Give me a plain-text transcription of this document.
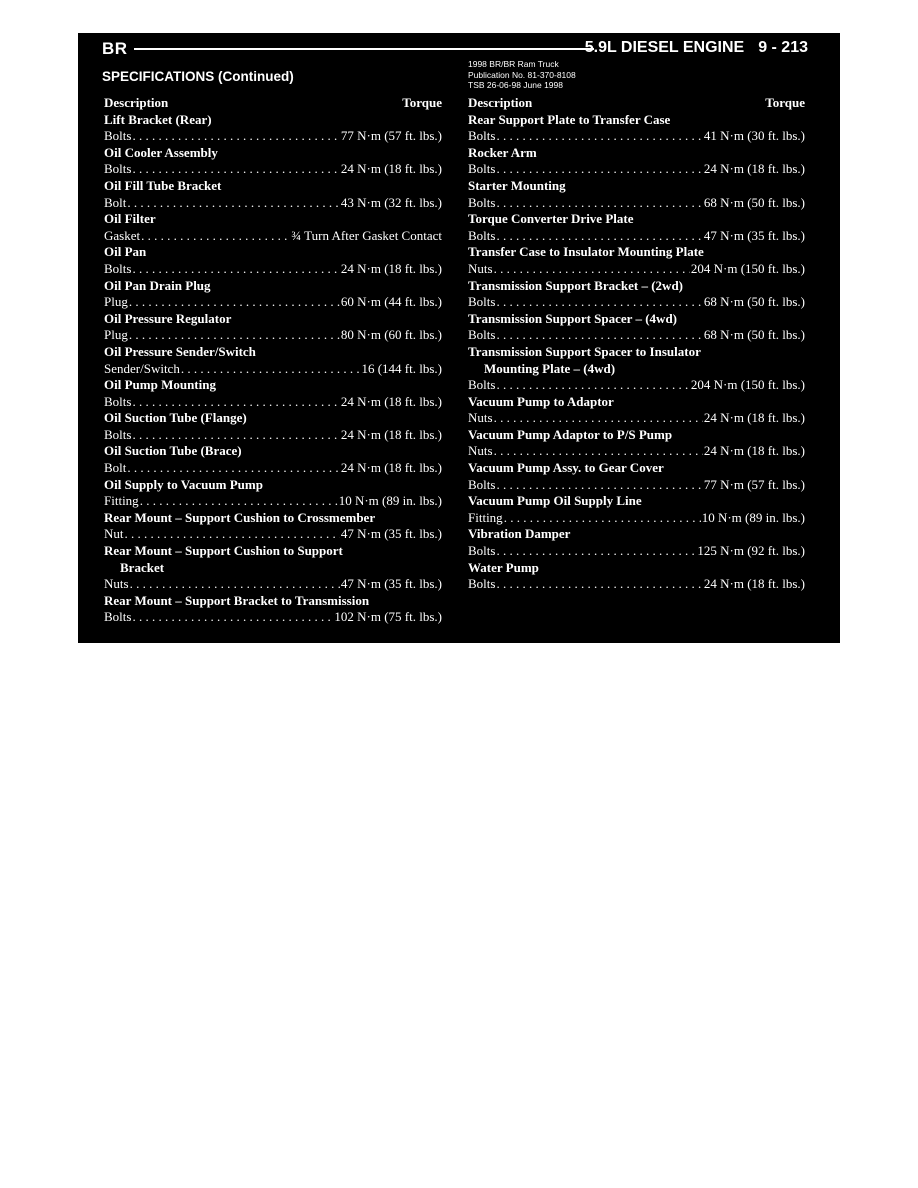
BR	5.9L DIESEL ENGINE 9 - 213
1998 BR/BR Ram Truck
Publication No. 81-370-8108
TSB 26-06-98 June 1998
SPECIFICATIONS (Continued)
Description	Torque
Lift Bracket (Rear)
Bolts . . .	77 N·m (57 ft. lbs.)
Oil Cooler Assembly
Bolts . . .	24 N·m (18 ft. lbs.)
Oil Fill Tube Bracket
Bolt . . .	43 N·m (32 ft. lbs.)
Oil Filter
Gasket . . .	¾ Turn After Gasket Contact
Oil Pan
Bolts . . .	24 N·m (18 ft. lbs.)
Oil Pan Drain Plug
Plug . . .	60 N·m (44 ft. lbs.)
Oil Pressure Regulator
Plug . . .	80 N·m (60 ft. lbs.)
Oil Pressure Sender/Switch
Sender/Switch . . .	16 (144 ft. lbs.)
Oil Pump Mounting
Bolts . . .	24 N·m (18 ft. lbs.)
Oil Suction Tube (Flange)
Bolts . . .	24 N·m (18 ft. lbs.)
Oil Suction Tube (Brace)
Bolt . . .	24 N·m (18 ft. lbs.)
Oil Supply to Vacuum Pump
Fitting . . .	10 N·m (89 in. lbs.)
Rear Mount – Support Cushion to Crossmember
Nut . . .	47 N·m (35 ft. lbs.)
Rear Mount – Support Cushion to Support
Bracket
Nuts . . .	47 N·m (35 ft. lbs.)
Rear Mount – Support Bracket to Transmission
Bolts . . .	102 N·m (75 ft. lbs.)
Description	Torque
Rear Support Plate to Transfer Case
Bolts . . .	41 N·m (30 ft. lbs.)
Rocker Arm
Bolts . . .	24 N·m (18 ft. lbs.)
Starter Mounting
Bolts . . .	68 N·m (50 ft. lbs.)
Torque Converter Drive Plate
Bolts . . .	47 N·m (35 ft. lbs.)
Transfer Case to Insulator Mounting Plate
Nuts . . .	204 N·m (150 ft. lbs.)
Transmission Support Bracket – (2wd)
Bolts . . .	68 N·m (50 ft. lbs.)
Transmission Support Spacer – (4wd)
Bolts . . .	68 N·m (50 ft. lbs.)
Transmission Support Spacer to Insulator
Mounting Plate – (4wd)
Bolts . . .	204 N·m (150 ft. lbs.)
Vacuum Pump to Adaptor
Nuts . . .	24 N·m (18 ft. lbs.)
Vacuum Pump Adaptor to P/S Pump
Nuts . . .	24 N·m (18 ft. lbs.)
Vacuum Pump Assy. to Gear Cover
Bolts . . .	77 N·m (57 ft. lbs.)
Vacuum Pump Oil Supply Line
Fitting . . .	10 N·m (89 in. lbs.)
Vibration Damper
Bolts . . .	125 N·m (92 ft. lbs.)
Water Pump
Bolts . . .	24 N·m (18 ft. lbs.)
